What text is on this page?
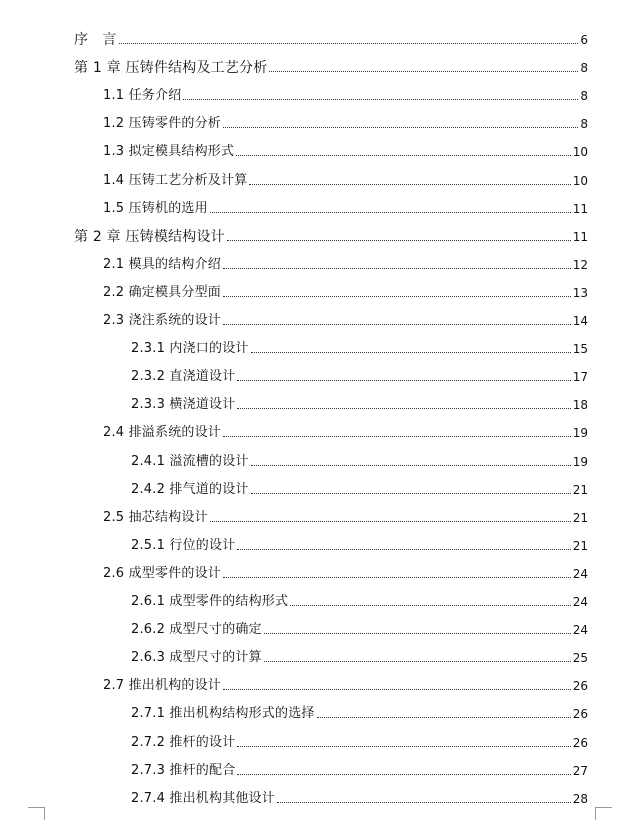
序　言	6
第 1 章 压铸件结构及工艺分析	8
1.1 任务介绍	8
1.2 压铸零件的分析	8
1.3 拟定模具结构形式	10
1.4 压铸工艺分析及计算	10
1.5 压铸机的选用	11
第 2 章 压铸模结构设计	11
2.1 模具的结构介绍	12
2.2 确定模具分型面	13
2.3 浇注系统的设计	14
2.3.1 内浇口的设计	15
2.3.2 直浇道设计	17
2.3.3 横浇道设计	18
2.4 排溢系统的设计	19
2.4.1 溢流槽的设计	19
2.4.2 排气道的设计	21
2.5 抽芯结构设计	21
2.5.1 行位的设计	21
2.6 成型零件的设计	24
2.6.1 成型零件的结构形式	24
2.6.2 成型尺寸的确定	24
2.6.3 成型尺寸的计算	25
2.7 推出机构的设计	26
2.7.1 推出机构结构形式的选择	26
2.7.2 推杆的设计	26
2.7.3 推杆的配合	27
2.7.4 推出机构其他设计	28
